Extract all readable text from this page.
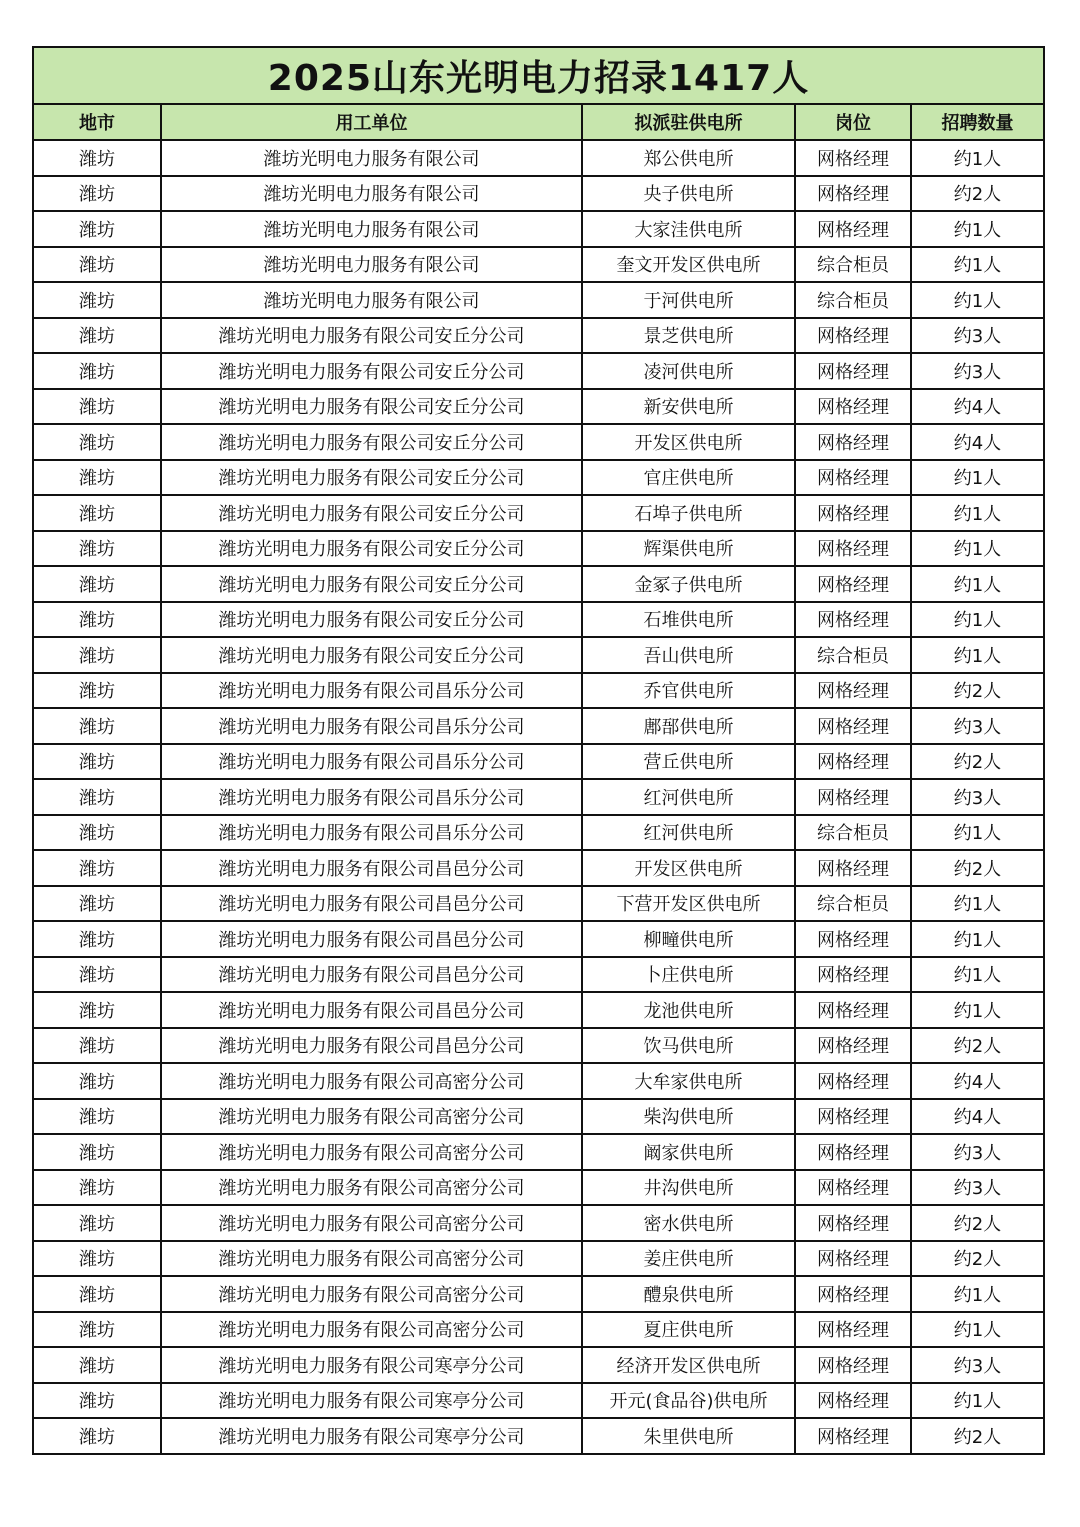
2025山东光明电力招录1417人
地市	用工单位	拟派驻供电所	岗位	招聘数量
潍坊	潍坊光明电力服务有限公司	郑公供电所	网格经理	约1人
潍坊	潍坊光明电力服务有限公司	央子供电所	网格经理	约2人
潍坊	潍坊光明电力服务有限公司	大家洼供电所	网格经理	约1人
潍坊	潍坊光明电力服务有限公司	奎文开发区供电所	综合柜员	约1人
潍坊	潍坊光明电力服务有限公司	于河供电所	综合柜员	约1人
潍坊	潍坊光明电力服务有限公司安丘分公司	景芝供电所	网格经理	约3人
潍坊	潍坊光明电力服务有限公司安丘分公司	凌河供电所	网格经理	约3人
潍坊	潍坊光明电力服务有限公司安丘分公司	新安供电所	网格经理	约4人
潍坊	潍坊光明电力服务有限公司安丘分公司	开发区供电所	网格经理	约4人
潍坊	潍坊光明电力服务有限公司安丘分公司	官庄供电所	网格经理	约1人
潍坊	潍坊光明电力服务有限公司安丘分公司	石埠子供电所	网格经理	约1人
潍坊	潍坊光明电力服务有限公司安丘分公司	辉渠供电所	网格经理	约1人
潍坊	潍坊光明电力服务有限公司安丘分公司	金冢子供电所	网格经理	约1人
潍坊	潍坊光明电力服务有限公司安丘分公司	石堆供电所	网格经理	约1人
潍坊	潍坊光明电力服务有限公司安丘分公司	吾山供电所	综合柜员	约1人
潍坊	潍坊光明电力服务有限公司昌乐分公司	乔官供电所	网格经理	约2人
潍坊	潍坊光明电力服务有限公司昌乐分公司	鄌郚供电所	网格经理	约3人
潍坊	潍坊光明电力服务有限公司昌乐分公司	营丘供电所	网格经理	约2人
潍坊	潍坊光明电力服务有限公司昌乐分公司	红河供电所	网格经理	约3人
潍坊	潍坊光明电力服务有限公司昌乐分公司	红河供电所	综合柜员	约1人
潍坊	潍坊光明电力服务有限公司昌邑分公司	开发区供电所	网格经理	约2人
潍坊	潍坊光明电力服务有限公司昌邑分公司	下营开发区供电所	综合柜员	约1人
潍坊	潍坊光明电力服务有限公司昌邑分公司	柳疃供电所	网格经理	约1人
潍坊	潍坊光明电力服务有限公司昌邑分公司	卜庄供电所	网格经理	约1人
潍坊	潍坊光明电力服务有限公司昌邑分公司	龙池供电所	网格经理	约1人
潍坊	潍坊光明电力服务有限公司昌邑分公司	饮马供电所	网格经理	约2人
潍坊	潍坊光明电力服务有限公司高密分公司	大牟家供电所	网格经理	约4人
潍坊	潍坊光明电力服务有限公司高密分公司	柴沟供电所	网格经理	约4人
潍坊	潍坊光明电力服务有限公司高密分公司	阚家供电所	网格经理	约3人
潍坊	潍坊光明电力服务有限公司高密分公司	井沟供电所	网格经理	约3人
潍坊	潍坊光明电力服务有限公司高密分公司	密水供电所	网格经理	约2人
潍坊	潍坊光明电力服务有限公司高密分公司	姜庄供电所	网格经理	约2人
潍坊	潍坊光明电力服务有限公司高密分公司	醴泉供电所	网格经理	约1人
潍坊	潍坊光明电力服务有限公司高密分公司	夏庄供电所	网格经理	约1人
潍坊	潍坊光明电力服务有限公司寒亭分公司	经济开发区供电所	网格经理	约3人
潍坊	潍坊光明电力服务有限公司寒亭分公司	开元(食品谷)供电所	网格经理	约1人
潍坊	潍坊光明电力服务有限公司寒亭分公司	朱里供电所	网格经理	约2人
